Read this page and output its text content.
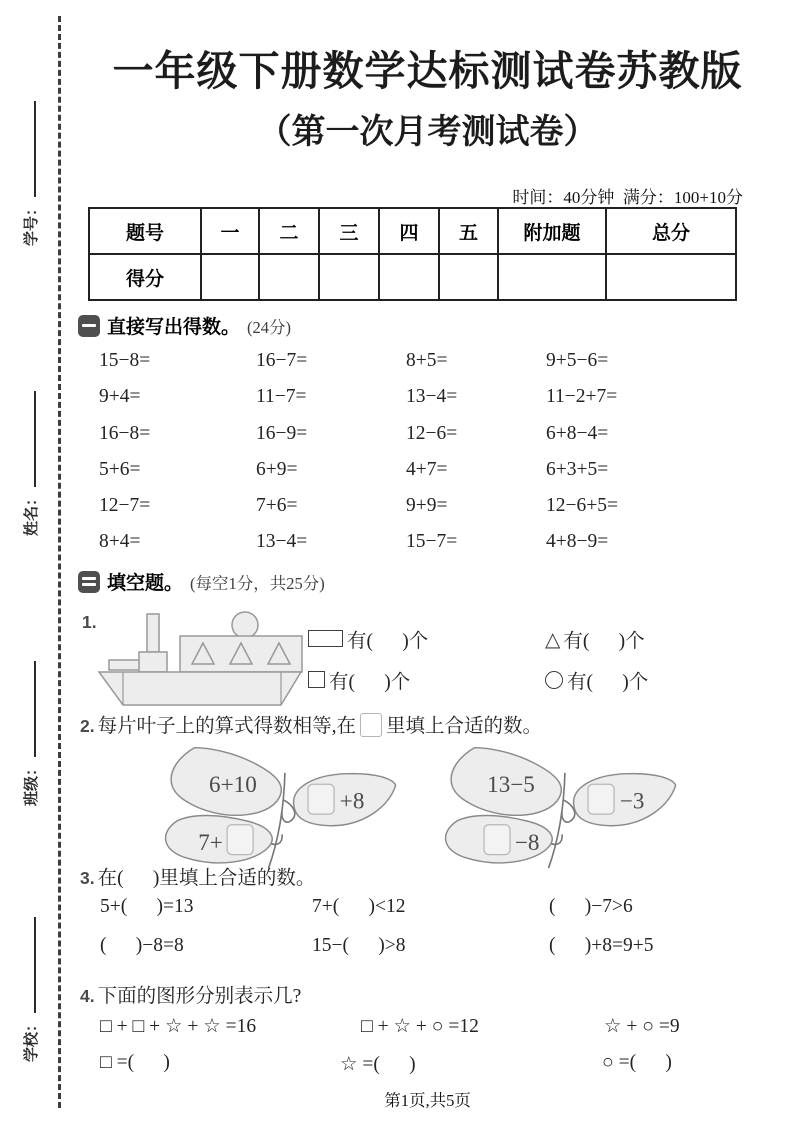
学号：
姓名：
班级：
学校：
一年级下册数学达标测试卷苏教版
（第一次月考测试卷）
时间：40分钟  满分：100+10分
题号	一	二	三	四	五	附加题	总分
得分							
直接写出得数。 (24分)
15−8=	16−7=	8+5=	9+5−6=
9+4=	11−7=	13−4=	11−2+7=
16−8=	16−9=	12−6=	6+8−4=
5+6=	6+9=	4+7=	6+3+5=
12−7=	7+6=	9+9=	12−6+5=
8+4=	13−4=	15−7=	4+8−9=
填空题。 (每空1分，共25分)
1.
有(      )个 △	有(      )个
有(      )个	有(      )个
2. 每片叶子上的算式得数相等,在 里填上合适的数。
6+10
+8
7+
13−5
−3
−8
3. 在(      )里填上合适的数。
5+(      )=13	7+(      )<12	(      )−7>6
(      )−8=8	15−(      )>8	(      )+8=9+5
4. 下面的图形分别表示几?
□ + □ + ☆ + ☆ =16	□ + ☆ + ○ =12	☆ + ○ =9
□ =(      )	☆ =(      )	○ =(      )
第1页,共5页
